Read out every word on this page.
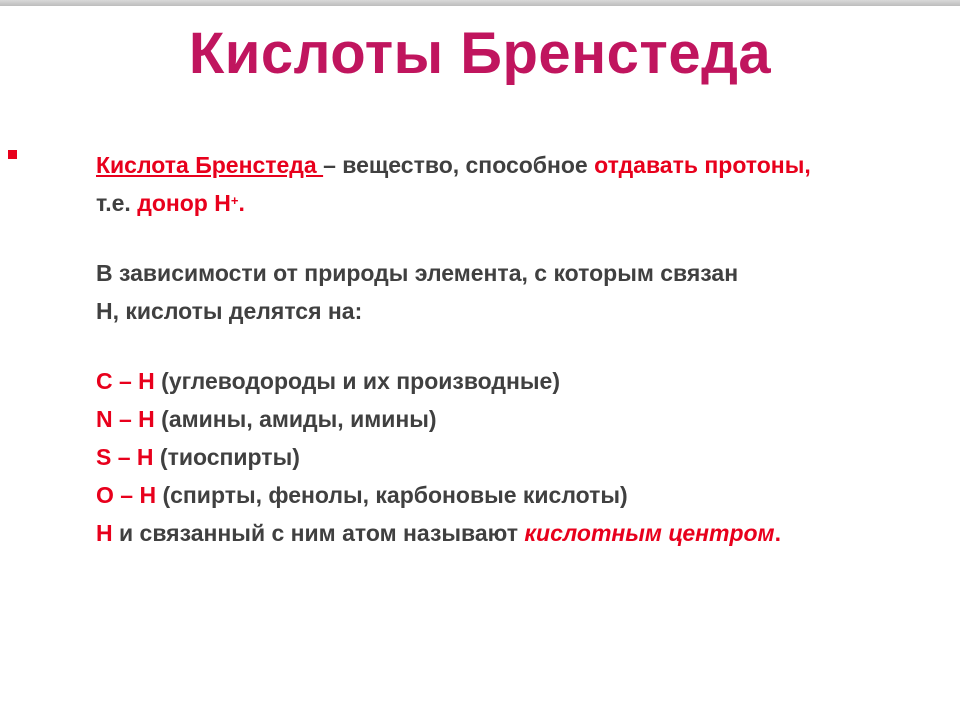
Кислоты Бренстеда
Кислота Бренстеда – вещество, способное отдавать протоны,
т.е. донор Н+.
В зависимости от природы элемента, с которым связан
Н, кислоты делятся на:
С – Н (углеводороды и их производные)
N – Н (амины, амиды, имины)
S – Н (тиоспирты)
О – Н (спирты, фенолы, карбоновые кислоты)
Н и связанный с ним атом называют кислотным центром.
